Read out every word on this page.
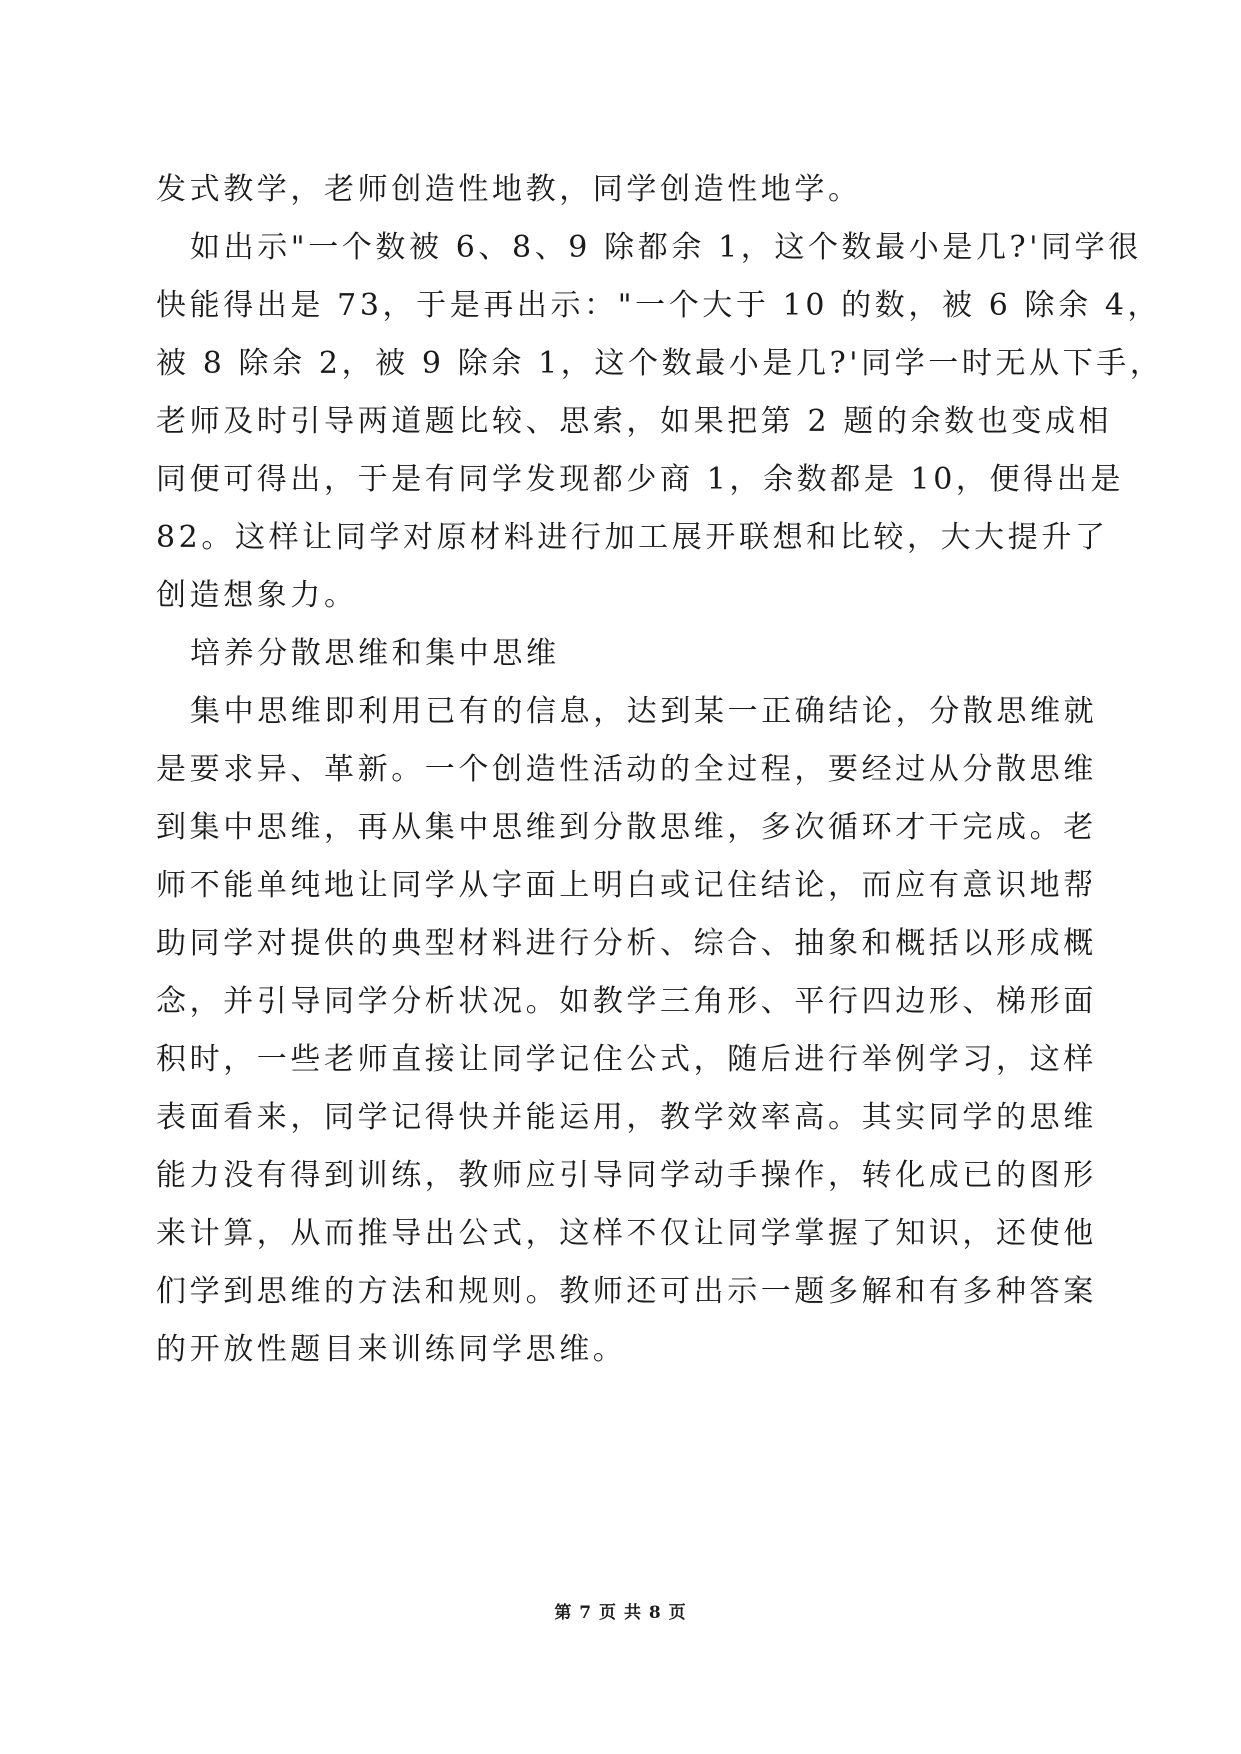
发式教学，老师创造性地教，同学创造性地学。
如出示"一个数被 6、8、9 除都余 1，这个数最小是几?'同学很
快能得出是 73，于是再出示："一个大于 10 的数，被 6 除余 4，
被 8 除余 2，被 9 除余 1，这个数最小是几?'同学一时无从下手，
老师及时引导两道题比较、思索，如果把第 2 题的余数也变成相
同便可得出，于是有同学发现都少商 1，余数都是 10，便得出是
82。这样让同学对原材料进行加工展开联想和比较，大大提升了
创造想象力。
培养分散思维和集中思维
集中思维即利用已有的信息，达到某一正确结论，分散思维就
是要求异、革新。一个创造性活动的全过程，要经过从分散思维
到集中思维，再从集中思维到分散思维，多次循环才干完成。老
师不能单纯地让同学从字面上明白或记住结论，而应有意识地帮
助同学对提供的典型材料进行分析、综合、抽象和概括以形成概
念，并引导同学分析状况。如教学三角形、平行四边形、梯形面
积时，一些老师直接让同学记住公式，随后进行举例学习，这样
表面看来，同学记得快并能运用，教学效率高。其实同学的思维
能力没有得到训练，教师应引导同学动手操作，转化成已的图形
来计算，从而推导出公式，这样不仅让同学掌握了知识，还使他
们学到思维的方法和规则。教师还可出示一题多解和有多种答案
的开放性题目来训练同学思维。
第 7 页 共 8 页
